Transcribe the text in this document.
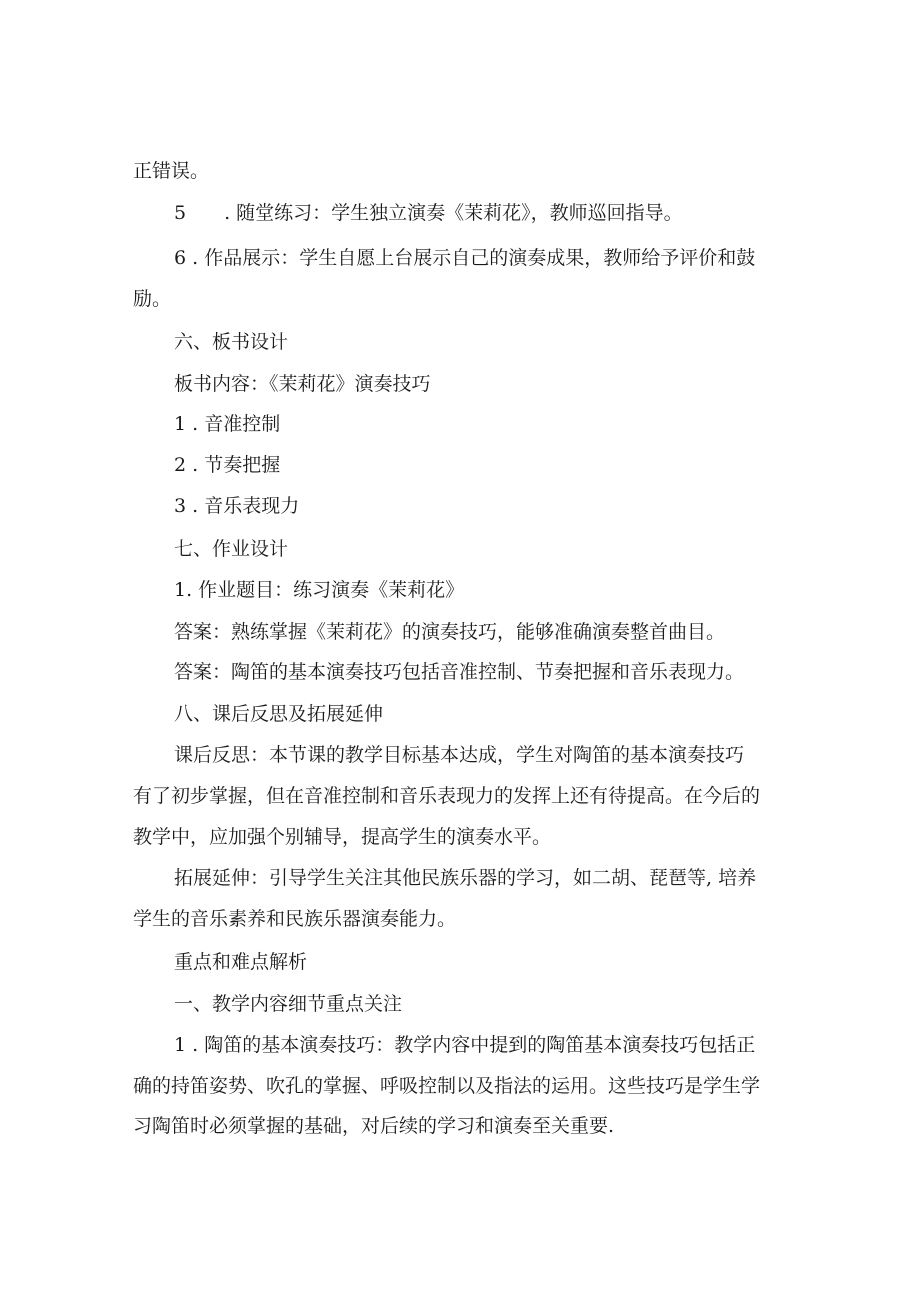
正错误。
5　　. 随堂练习：学生独立演奏《茉莉花》，教师巡回指导。
6 . 作品展示：学生自愿上台展示自己的演奏成果，教师给予评价和鼓
励。
六、板书设计
板书内容：《茉莉花》演奏技巧
1 . 音准控制
2 . 节奏把握
3 . 音乐表现力
七、作业设计
1. 作业题目：练习演奏《茉莉花》
答案：熟练掌握《茉莉花》的演奏技巧，能够准确演奏整首曲目。
答案：陶笛的基本演奏技巧包括音准控制、节奏把握和音乐表现力。
八、课后反思及拓展延伸
课后反思：本节课的教学目标基本达成，学生对陶笛的基本演奏技巧
有了初步掌握，但在音准控制和音乐表现力的发挥上还有待提高。在今后的
教学中，应加强个别辅导，提高学生的演奏水平。
拓展延伸：引导学生关注其他民族乐器的学习，如二胡、琵琶等, 培养
学生的音乐素养和民族乐器演奏能力。
重点和难点解析
一、教学内容细节重点关注
1 . 陶笛的基本演奏技巧：教学内容中提到的陶笛基本演奏技巧包括正
确的持笛姿势、吹孔的掌握、呼吸控制以及指法的运用。这些技巧是学生学
习陶笛时必须掌握的基础，对后续的学习和演奏至关重要.
